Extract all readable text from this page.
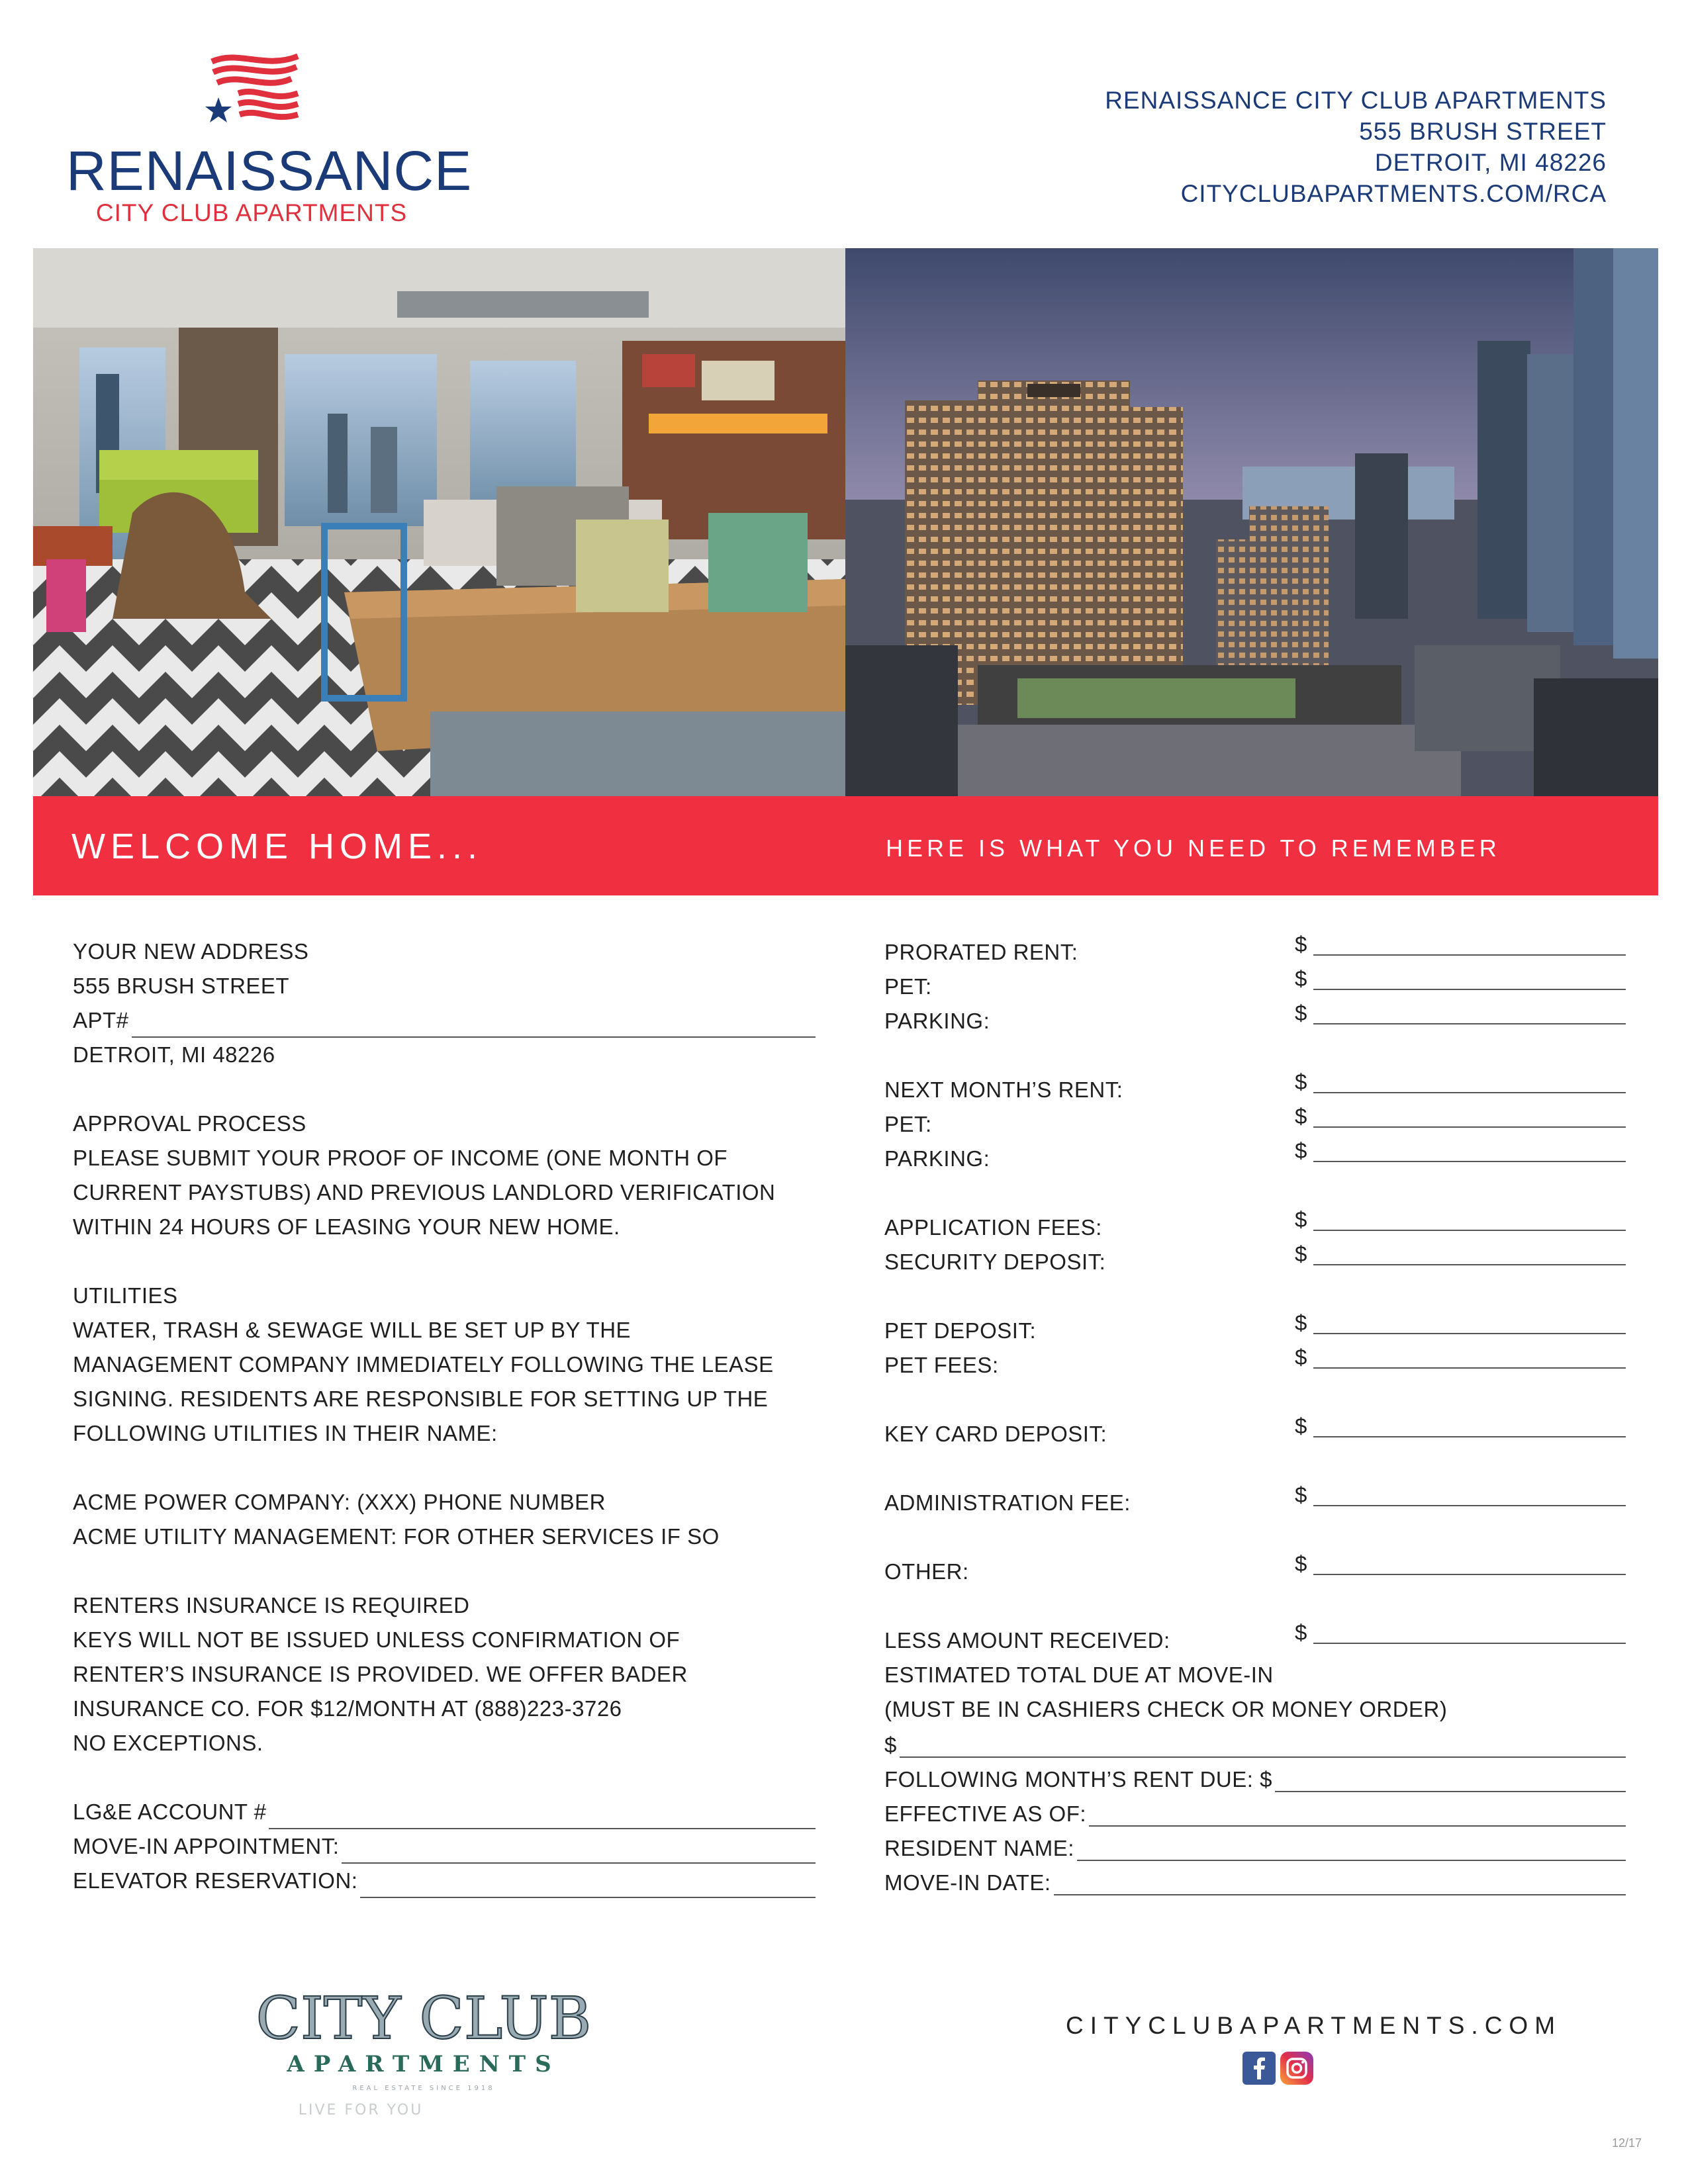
RENAISSANCE
CITY CLUB APARTMENTS
RENAISSANCE CITY CLUB APARTMENTS
555 BRUSH STREET
DETROIT, MI 48226
CITYCLUBAPARTMENTS.COM/RCA
WELCOME HOME...	HERE IS WHAT YOU NEED TO REMEMBER
YOUR NEW ADDRESS
555 BRUSH STREET
APT#
DETROIT, MI 48226
APPROVAL PROCESS
PLEASE SUBMIT YOUR PROOF OF INCOME (ONE MONTH OF
CURRENT PAYSTUBS) AND PREVIOUS LANDLORD VERIFICATION
WITHIN 24 HOURS OF LEASING YOUR NEW HOME.
UTILITIES
WATER, TRASH & SEWAGE WILL BE SET UP BY THE
MANAGEMENT COMPANY IMMEDIATELY FOLLOWING THE LEASE
SIGNING. RESIDENTS ARE RESPONSIBLE FOR SETTING UP THE
FOLLOWING UTILITIES IN THEIR NAME:
ACME POWER COMPANY: (XXX) PHONE NUMBER
ACME UTILITY MANAGEMENT: FOR OTHER SERVICES IF SO
RENTERS INSURANCE IS REQUIRED
KEYS WILL NOT BE ISSUED UNLESS CONFIRMATION OF
RENTER’S INSURANCE IS PROVIDED. WE OFFER BADER
INSURANCE CO. FOR $12/MONTH AT (888)223-3726
NO EXCEPTIONS.
LG&E ACCOUNT #
MOVE-IN APPOINTMENT:
ELEVATOR RESERVATION:
PRORATED RENT:	$
PET:	$
PARKING:	$
NEXT MONTH’S RENT:	$
PET:	$
PARKING:	$
APPLICATION FEES:	$
SECURITY DEPOSIT:	$
PET DEPOSIT:	$
PET FEES:	$
KEY CARD DEPOSIT:	$
ADMINISTRATION FEE:	$
OTHER:	$
LESS AMOUNT RECEIVED:	$
ESTIMATED TOTAL DUE AT MOVE-IN
(MUST BE IN CASHIERS CHECK OR MONEY ORDER)
$
FOLLOWING MONTH’S RENT DUE: $
EFFECTIVE AS OF:
RESIDENT NAME:
MOVE-IN DATE:
CITY CLUB
APARTMENTS
REAL ESTATE SINCE 1918
LIVE FOR YOU
CITYCLUBAPARTMENTS.COM
12/17
